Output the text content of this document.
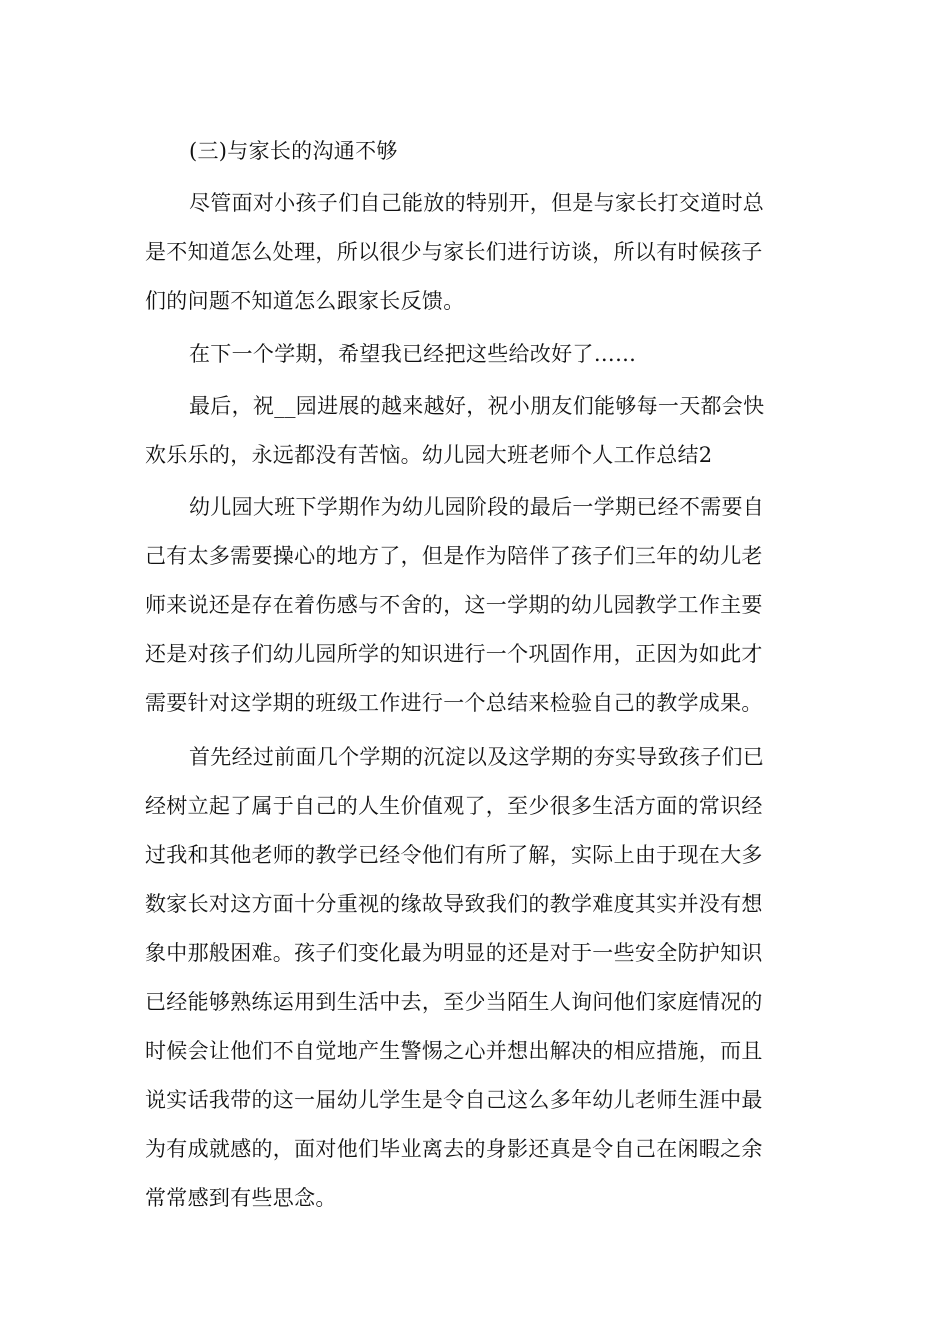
(三)与家长的沟通不够
尽管面对小孩子们自己能放的特别开，但是与家长打交道时总
是不知道怎么处理，所以很少与家长们进行访谈，所以有时候孩子
们的问题不知道怎么跟家长反馈。
在下一个学期，希望我已经把这些给改好了……
最后，祝__园进展的越来越好，祝小朋友们能够每一天都会快
欢乐乐的，永远都没有苦恼。幼儿园大班老师个人工作总结2
幼儿园大班下学期作为幼儿园阶段的最后一学期已经不需要自
己有太多需要操心的地方了，但是作为陪伴了孩子们三年的幼儿老
师来说还是存在着伤感与不舍的，这一学期的幼儿园教学工作主要
还是对孩子们幼儿园所学的知识进行一个巩固作用，正因为如此才
需要针对这学期的班级工作进行一个总结来检验自己的教学成果。
首先经过前面几个学期的沉淀以及这学期的夯实导致孩子们已
经树立起了属于自己的人生价值观了，至少很多生活方面的常识经
过我和其他老师的教学已经令他们有所了解，实际上由于现在大多
数家长对这方面十分重视的缘故导致我们的教学难度其实并没有想
象中那般困难。孩子们变化最为明显的还是对于一些安全防护知识
已经能够熟练运用到生活中去，至少当陌生人询问他们家庭情况的
时候会让他们不自觉地产生警惕之心并想出解决的相应措施，而且
说实话我带的这一届幼儿学生是令自己这么多年幼儿老师生涯中最
为有成就感的，面对他们毕业离去的身影还真是令自己在闲暇之余
常常感到有些思念。
